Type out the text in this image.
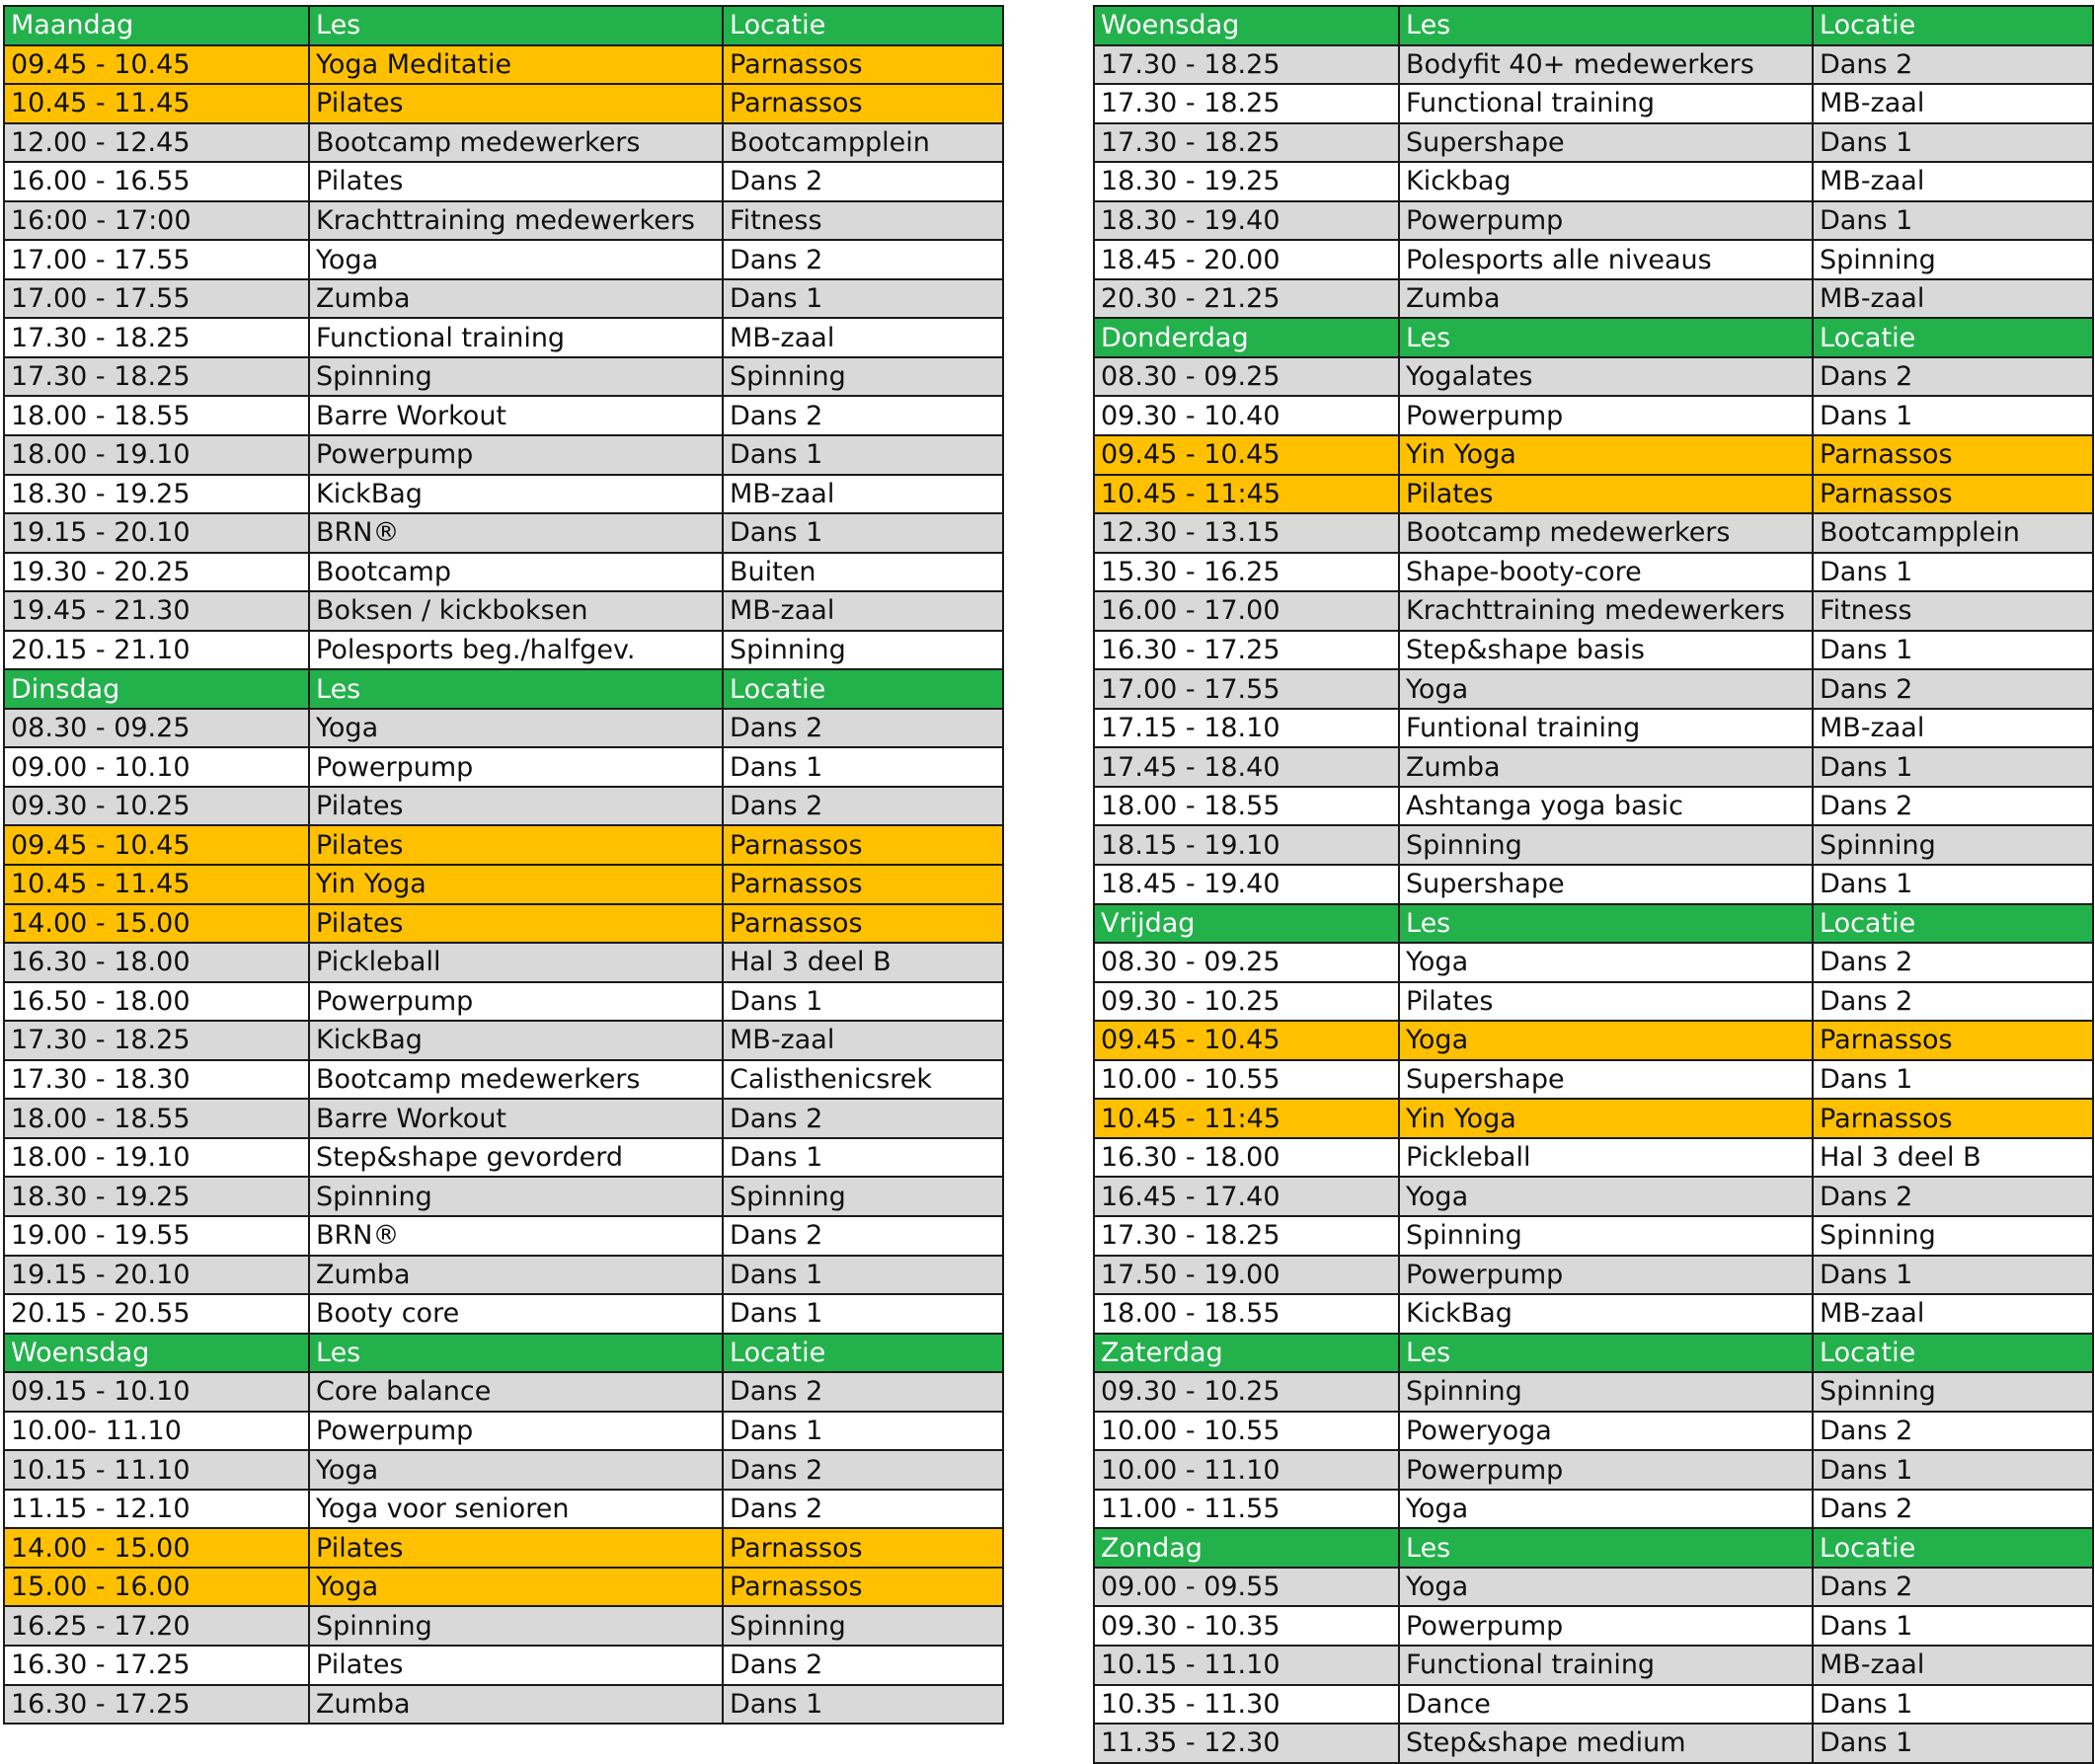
Maandag	Les	Locatie
09.45 - 10.45	Yoga Meditatie	Parnassos
10.45 - 11.45	Pilates	Parnassos
12.00 - 12.45	Bootcamp medewerkers	Bootcampplein
16.00 - 16.55	Pilates	Dans 2
16:00 - 17:00	Krachttraining medewerkers	Fitness
17.00 - 17.55	Yoga	Dans 2
17.00 - 17.55	Zumba	Dans 1
17.30 - 18.25	Functional training	MB-zaal
17.30 - 18.25	Spinning	Spinning
18.00 - 18.55	Barre Workout	Dans 2
18.00 - 19.10	Powerpump	Dans 1
18.30 - 19.25	KickBag	MB-zaal
19.15 - 20.10	BRN®	Dans 1
19.30 - 20.25	Bootcamp	Buiten
19.45 - 21.30	Boksen / kickboksen	MB-zaal
20.15 - 21.10	Polesports beg./halfgev.	Spinning
Dinsdag	Les	Locatie
08.30 - 09.25	Yoga	Dans 2
09.00 - 10.10	Powerpump	Dans 1
09.30 - 10.25	Pilates	Dans 2
09.45 - 10.45	Pilates	Parnassos
10.45 - 11.45	Yin Yoga	Parnassos
14.00 - 15.00	Pilates	Parnassos
16.30 - 18.00	Pickleball	Hal 3 deel B
16.50 - 18.00	Powerpump	Dans 1
17.30 - 18.25	KickBag	MB-zaal
17.30 - 18.30	Bootcamp medewerkers	Calisthenicsrek
18.00 - 18.55	Barre Workout	Dans 2
18.00 - 19.10	Step&shape gevorderd	Dans 1
18.30 - 19.25	Spinning	Spinning
19.00 - 19.55	BRN®	Dans 2
19.15 - 20.10	Zumba	Dans 1
20.15 - 20.55	Booty core	Dans 1
Woensdag	Les	Locatie
09.15 - 10.10	Core balance	Dans 2
10.00- 11.10	Powerpump	Dans 1
10.15 - 11.10	Yoga	Dans 2
11.15 - 12.10	Yoga voor senioren	Dans 2
14.00 - 15.00	Pilates	Parnassos
15.00 - 16.00	Yoga	Parnassos
16.25 - 17.20	Spinning	Spinning
16.30 - 17.25	Pilates	Dans 2
16.30 - 17.25	Zumba	Dans 1
Woensdag	Les	Locatie
17.30 - 18.25	Bodyfit 40+ medewerkers	Dans 2
17.30 - 18.25	Functional training	MB-zaal
17.30 - 18.25	Supershape	Dans 1
18.30 - 19.25	Kickbag	MB-zaal
18.30 - 19.40	Powerpump	Dans 1
18.45 - 20.00	Polesports alle niveaus	Spinning
20.30 - 21.25	Zumba	MB-zaal
Donderdag	Les	Locatie
08.30 - 09.25	Yogalates	Dans 2
09.30 - 10.40	Powerpump	Dans 1
09.45 - 10.45	Yin Yoga	Parnassos
10.45 - 11:45	Pilates	Parnassos
12.30 - 13.15	Bootcamp medewerkers	Bootcampplein
15.30 - 16.25	Shape-booty-core	Dans 1
16.00 - 17.00	Krachttraining medewerkers	Fitness
16.30 - 17.25	Step&shape basis	Dans 1
17.00 - 17.55	Yoga	Dans 2
17.15 - 18.10	Funtional training	MB-zaal
17.45 - 18.40	Zumba	Dans 1
18.00 - 18.55	Ashtanga yoga basic	Dans 2
18.15 - 19.10	Spinning	Spinning
18.45 - 19.40	Supershape	Dans 1
Vrijdag	Les	Locatie
08.30 - 09.25	Yoga	Dans 2
09.30 - 10.25	Pilates	Dans 2
09.45 - 10.45	Yoga	Parnassos
10.00 - 10.55	Supershape	Dans 1
10.45 - 11:45	Yin Yoga	Parnassos
16.30 - 18.00	Pickleball	Hal 3 deel B
16.45 - 17.40	Yoga	Dans 2
17.30 - 18.25	Spinning	Spinning
17.50 - 19.00	Powerpump	Dans 1
18.00 - 18.55	KickBag	MB-zaal
Zaterdag	Les	Locatie
09.30 - 10.25	Spinning	Spinning
10.00 - 10.55	Poweryoga	Dans 2
10.00 - 11.10	Powerpump	Dans 1
11.00 - 11.55	Yoga	Dans 2
Zondag	Les	Locatie
09.00 - 09.55	Yoga	Dans 2
09.30 - 10.35	Powerpump	Dans 1
10.15 - 11.10	Functional training	MB-zaal
10.35 - 11.30	Dance	Dans 1
11.35 - 12.30	Step&shape medium	Dans 1
